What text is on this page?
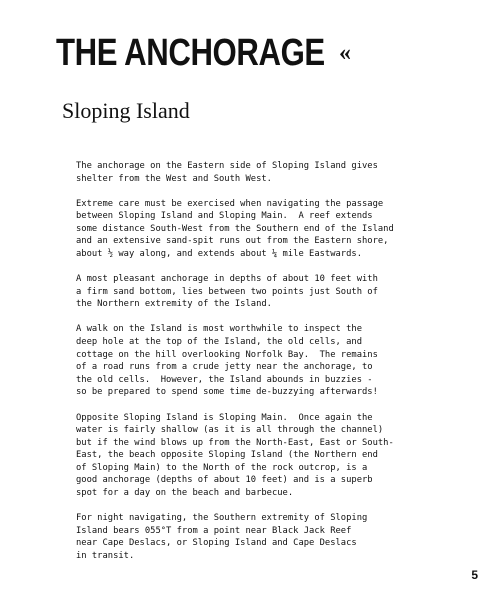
THE ANCHORAGE «
Sloping Island

The anchorage on the Eastern side of Sloping Island gives
shelter from the West and South West.

Extreme care must be exercised when navigating the passage
between Sloping Island and Sloping Main.  A reef extends
some distance South-West from the Southern end of the Island
and an extensive sand-spit runs out from the Eastern shore,
about ½ way along, and extends about ¼ mile Eastwards.

A most pleasant anchorage in depths of about 10 feet with
a firm sand bottom, lies between two points just South of
the Northern extremity of the Island.

A walk on the Island is most worthwhile to inspect the
deep hole at the top of the Island, the old cells, and
cottage on the hill overlooking Norfolk Bay.  The remains
of a road runs from a crude jetty near the anchorage, to
the old cells.  However, the Island abounds in buzzies -
so be prepared to spend some time de-buzzying afterwards!

Opposite Sloping Island is Sloping Main.  Once again the
water is fairly shallow (as it is all through the channel)
but if the wind blows up from the North-East, East or South-
East, the beach opposite Sloping Island (the Northern end
of Sloping Main) to the North of the rock outcrop, is a
good anchorage (depths of about 10 feet) and is a superb
spot for a day on the beach and barbecue.

For night navigating, the Southern extremity of Sloping
Island bears 055°T from a point near Black Jack Reef
near Cape Deslacs, or Sloping Island and Cape Deslacs
in transit.

5
